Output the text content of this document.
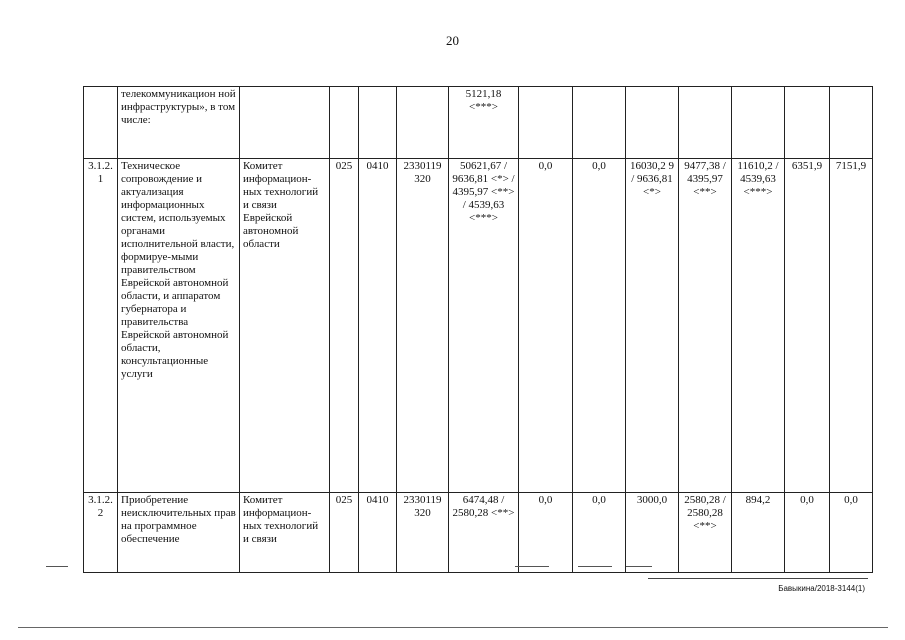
20
	телекоммуникацион ной инфраструктуры», в том числе:					5121,18 <***>							
3.1.2. 1	Техническое сопровождение и актуализация информационных систем, используемых органами исполнительной власти, формируе-мыми правительством Еврейской автономной области, и аппаратом губернатора и правительства Еврейской автономной области, консультационные услуги	Комитет информацион-ных технологий и связи Еврейской автономной области	025	0410	2330119 320	50621,67 / 9636,81 <*> / 4395,97 <**> / 4539,63 <***>	0,0	0,0	16030,2 9 / 9636,81 <*>	9477,38 / 4395,97 <**>	11610,2 / 4539,63 <***>	6351,9	7151,9
3.1.2. 2	Приобретение неисключительных прав на программное обеспечение	Комитет информацион-ных технологий и связи	025	0410	2330119 320	6474,48 / 2580,28 <**>	0,0	0,0	3000,0	2580,28 / 2580,28 <**>	894,2	0,0	0,0
Бавыкина/2018-3144(1)
